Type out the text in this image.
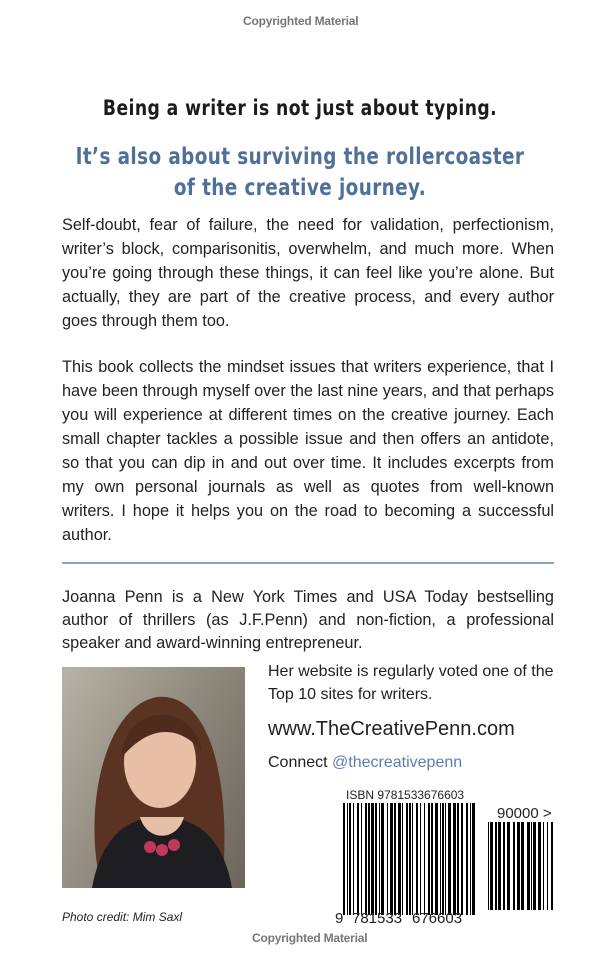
Copyrighted Material
Being a writer is not just about typing.
It’s also about surviving the rollercoaster
of the creative journey.
Self-doubt, fear of failure, the need for validation, perfectionism, writer’s block, comparisonitis, overwhelm, and much more. When you’re going through these things, it can feel like you’re alone. But actually, they are part of the creative process, and every author goes through them too.
This book collects the mindset issues that writers experience, that I have been through myself over the last nine years, and that perhaps you will experience at different times on the creative journey. Each small chapter tackles a possible issue and then offers an antidote, so that you can dip in and out over time. It includes excerpts from my own personal journals as well as quotes from well-known writers. I hope it helps you on the road to becoming a successful author.
Joanna Penn is a New York Times and USA Today bestselling author of thrillers (as J.F.Penn) and non-fiction, a professional speaker and award-winning entrepreneur.
Her website is regularly voted one of the Top 10 sites for writers.
www.TheCreativePenn.com
Connect @thecreativepenn
ISBN 9781533676603
9 781533 676603
90000 >
Photo credit: Mim Saxl
Copyrighted Material
